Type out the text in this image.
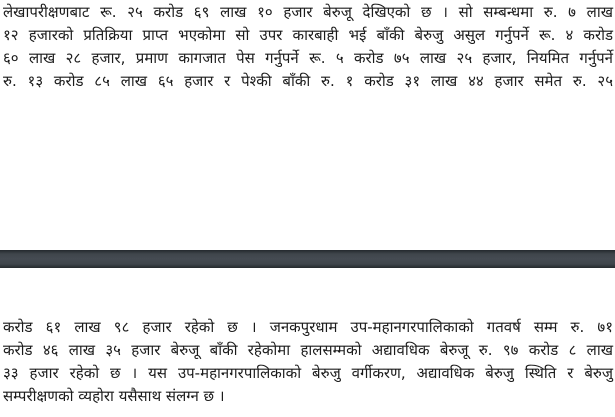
लेखापरीक्षणबाट रू. २५ करोड ६९ लाख १० हजार बेरुजू देखिएको छ । सो सम्बन्धमा रु. ७ लाख

१२ हजारको प्रतिक्रिया प्राप्त भएकोमा सो उपर कारबाही भई बाँकी बेरुजु असुल गर्नुपर्ने रू. ४ करोड

६० लाख २८ हजार, प्रमाण कागजात पेस गर्नुपर्ने रू. ५ करोड ७५ लाख २५ हजार, नियमित गर्नुपर्ने

रु. १३ करोड ८५ लाख ६५ हजार र पेश्की बाँकी रु. १ करोड ३१ लाख ४४ हजार समेत रु. २५

करोड ६१ लाख ९८ हजार रहेको छ । जनकपुरधाम उप-महानगरपालिकाको गतवर्ष सम्म रु. ७१

करोड ४६ लाख ३५ हजार बेरुजू बाँकी रहेकोमा हालसम्मको अद्यावधिक बेरुजू रु. ९७ करोड ८ लाख

३३ हजार रहेको छ । यस उप-महानगरपालिकाको बेरुजु वर्गीकरण, अद्यावधिक बेरुजु स्थिति र बेरुजु

सम्परीक्षणको व्यहोरा यसैसाथ संलग्न छ ।
